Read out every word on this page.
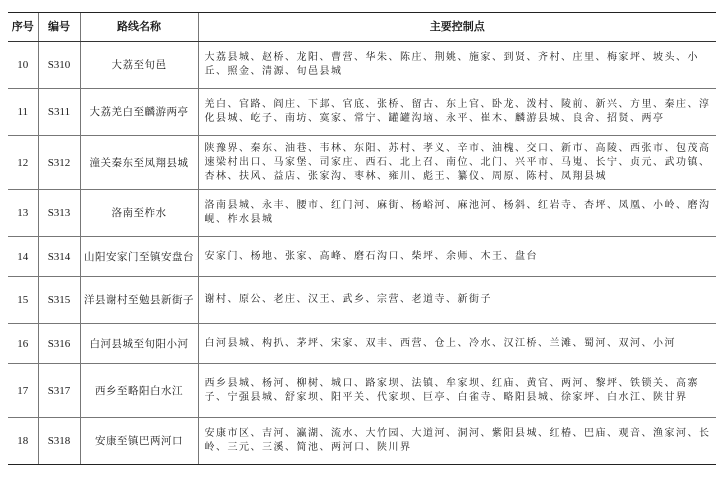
序号	编号	路线名称	主要控制点
10	S310	大荔至旬邑	大荔县城、赵桥、龙阳、曹营、华朱、陈庄、荆姚、施家、到贤、齐村、庄里、梅家坪、坡头、小丘、照金、清源、旬邑县城
11	S311	大荔羌白至麟游两亭	羌白、官路、阎庄、下邽、官底、张桥、留古、东上官、卧龙、泼村、陵前、新兴、方里、秦庄、淳化县城、屹子、南坊、寞家、常宁、罐罐沟垴、永平、崔木、麟游县城、良舍、招贤、两亭
12	S312	潼关秦东至凤翔县城	陕豫界、秦东、油巷、韦林、东阳、苏村、孝义、辛市、油槐、交口、新市、高陵、西张市、包茂高速梁村出口、马家堡、司家庄、西石、北上召、南位、北门、兴平市、马嵬、长宁、贞元、武功镇、杏林、扶风、益店、张家沟、枣林、雍川、彪王、纂仪、周原、陈村、凤翔县城
13	S313	洛南至柞水	洛南县城、永丰、腰市、红门河、麻街、杨峪河、麻池河、杨斜、红岩寺、杏坪、凤凰、小岭、磨沟岘、柞水县城
14	S314	山阳安家门至镇安盘台	安家门、杨地、张家、高峰、磨石沟口、柴坪、余师、木王、盘台
15	S315	洋县谢村至勉县新街子	谢村、原公、老庄、汉王、武乡、宗营、老道寺、新街子
16	S316	白河县城至旬阳小河	白河县城、构扒、茅坪、宋家、双丰、西营、仓上、冷水、汉江桥、兰滩、蜀河、双河、小河
17	S317	西乡至略阳白水江	西乡县城、杨河、柳树、城口、路家坝、法镇、牟家坝、红庙、黄官、两河、黎坪、铁锁关、高寨子、宁强县城、舒家坝、阳平关、代家坝、巨亭、白雀寺、略阳县城、徐家坪、白水江、陕甘界
18	S318	安康至镇巴两河口	安康市区、吉河、瀛湖、流水、大竹园、大道河、洞河、紫阳县城、红椿、巴庙、观音、渔家河、长岭、三元、三溪、简池、两河口、陕川界
